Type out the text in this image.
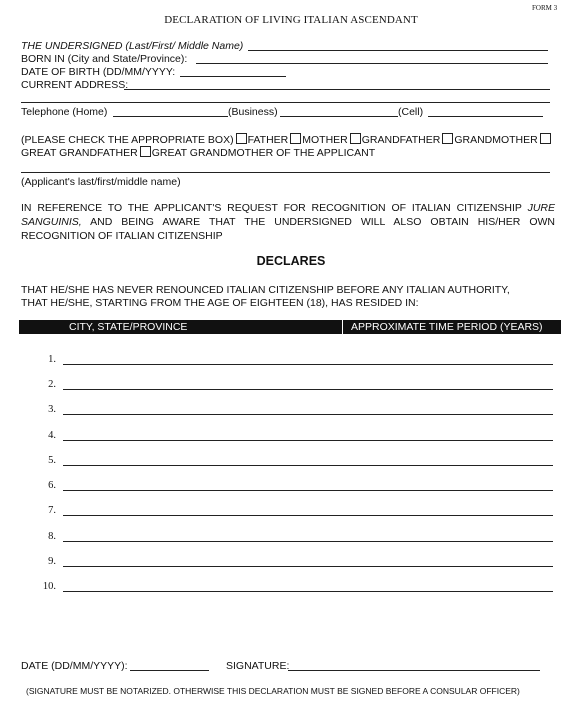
FORM 3
DECLARATION OF LIVING ITALIAN ASCENDANT
THE UNDERSIGNED (Last/First/ Middle Name)
BORN IN (City and State/Province):
DATE OF BIRTH (DD/MM/YYYY:
CURRENT ADDRESS:
Telephone (Home)	(Business)	(Cell)
(PLEASE CHECK THE APPROPRIATE BOX) FATHER MOTHER GRANDFATHER GRANDMOTHER
GREAT GRANDFATHER GREAT GRANDMOTHER OF THE APPLICANT
(Applicant's last/first/middle name)
IN REFERENCE TO THE APPLICANT'S REQUEST FOR RECOGNITION OF ITALIAN CITIZENSHIP JURE
SANGUINIS, AND BEING AWARE THAT THE UNDERSIGNED WILL ALSO OBTAIN HIS/HER OWN
RECOGNITION OF ITALIAN CITIZENSHIP
DECLARES
THAT HE/SHE HAS NEVER RENOUNCED ITALIAN CITIZENSHIP BEFORE ANY ITALIAN AUTHORITY,
THAT HE/SHE, STARTING FROM THE AGE OF EIGHTEEN (18), HAS RESIDED IN:
CITY, STATE/PROVINCE	APPROXIMATE TIME PERIOD (YEARS)
1.
2.
3.
4.
5.
6.
7.
8.
9.
10.
DATE (DD/MM/YYYY):	SIGNATURE:
(SIGNATURE MUST BE NOTARIZED. OTHERWISE THIS DECLARATION MUST BE SIGNED BEFORE A CONSULAR OFFICER)
